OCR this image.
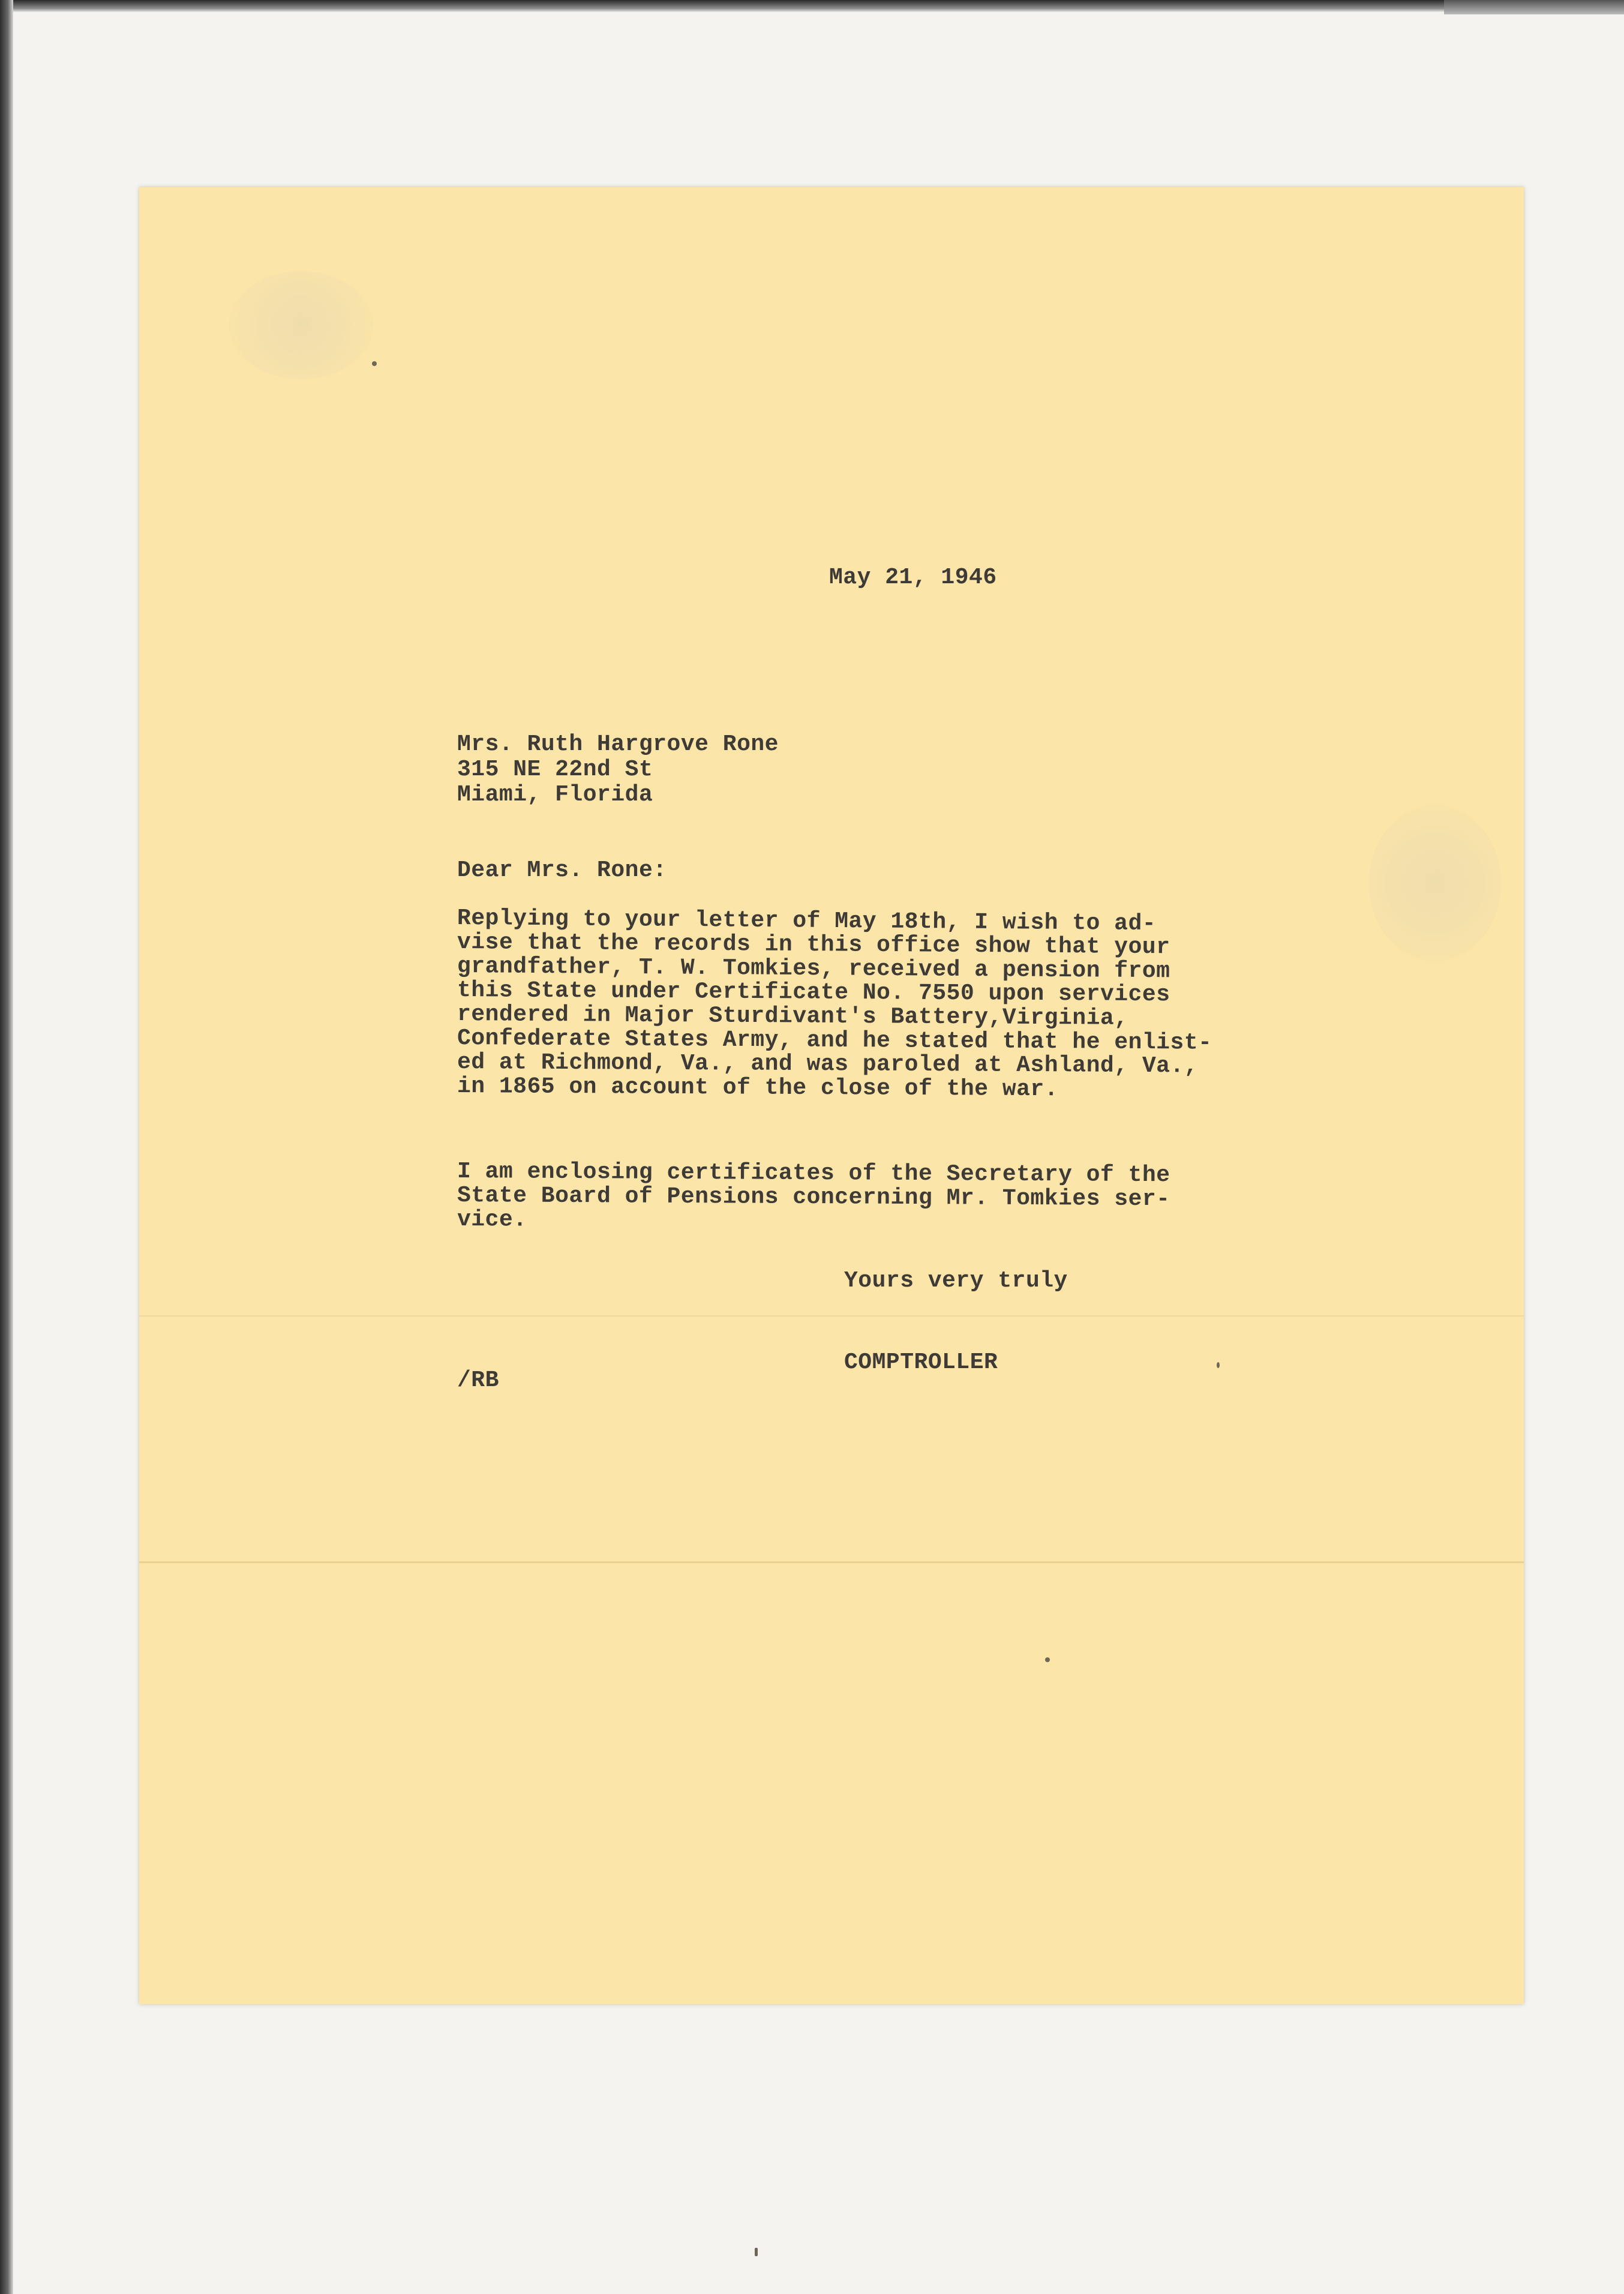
May 21, 1946
Mrs. Ruth Hargrove Rone
315 NE 22nd St
Miami, Florida
Dear Mrs. Rone:
Replying to your letter of May 18th, I wish to ad-
vise that the records in this office show that your
grandfather, T. W. Tomkies, received a pension from
this State under Certificate No. 7550 upon services
rendered in Major Sturdivant's Battery,Virginia,
Confederate States Army, and he stated that he enlist-
ed at Richmond, Va., and was paroled at Ashland, Va.,
in 1865 on account of the close of the war.
I am enclosing certificates of the Secretary of the
State Board of Pensions concerning Mr. Tomkies ser-
vice.
Yours very truly
COMPTROLLER
/RB
